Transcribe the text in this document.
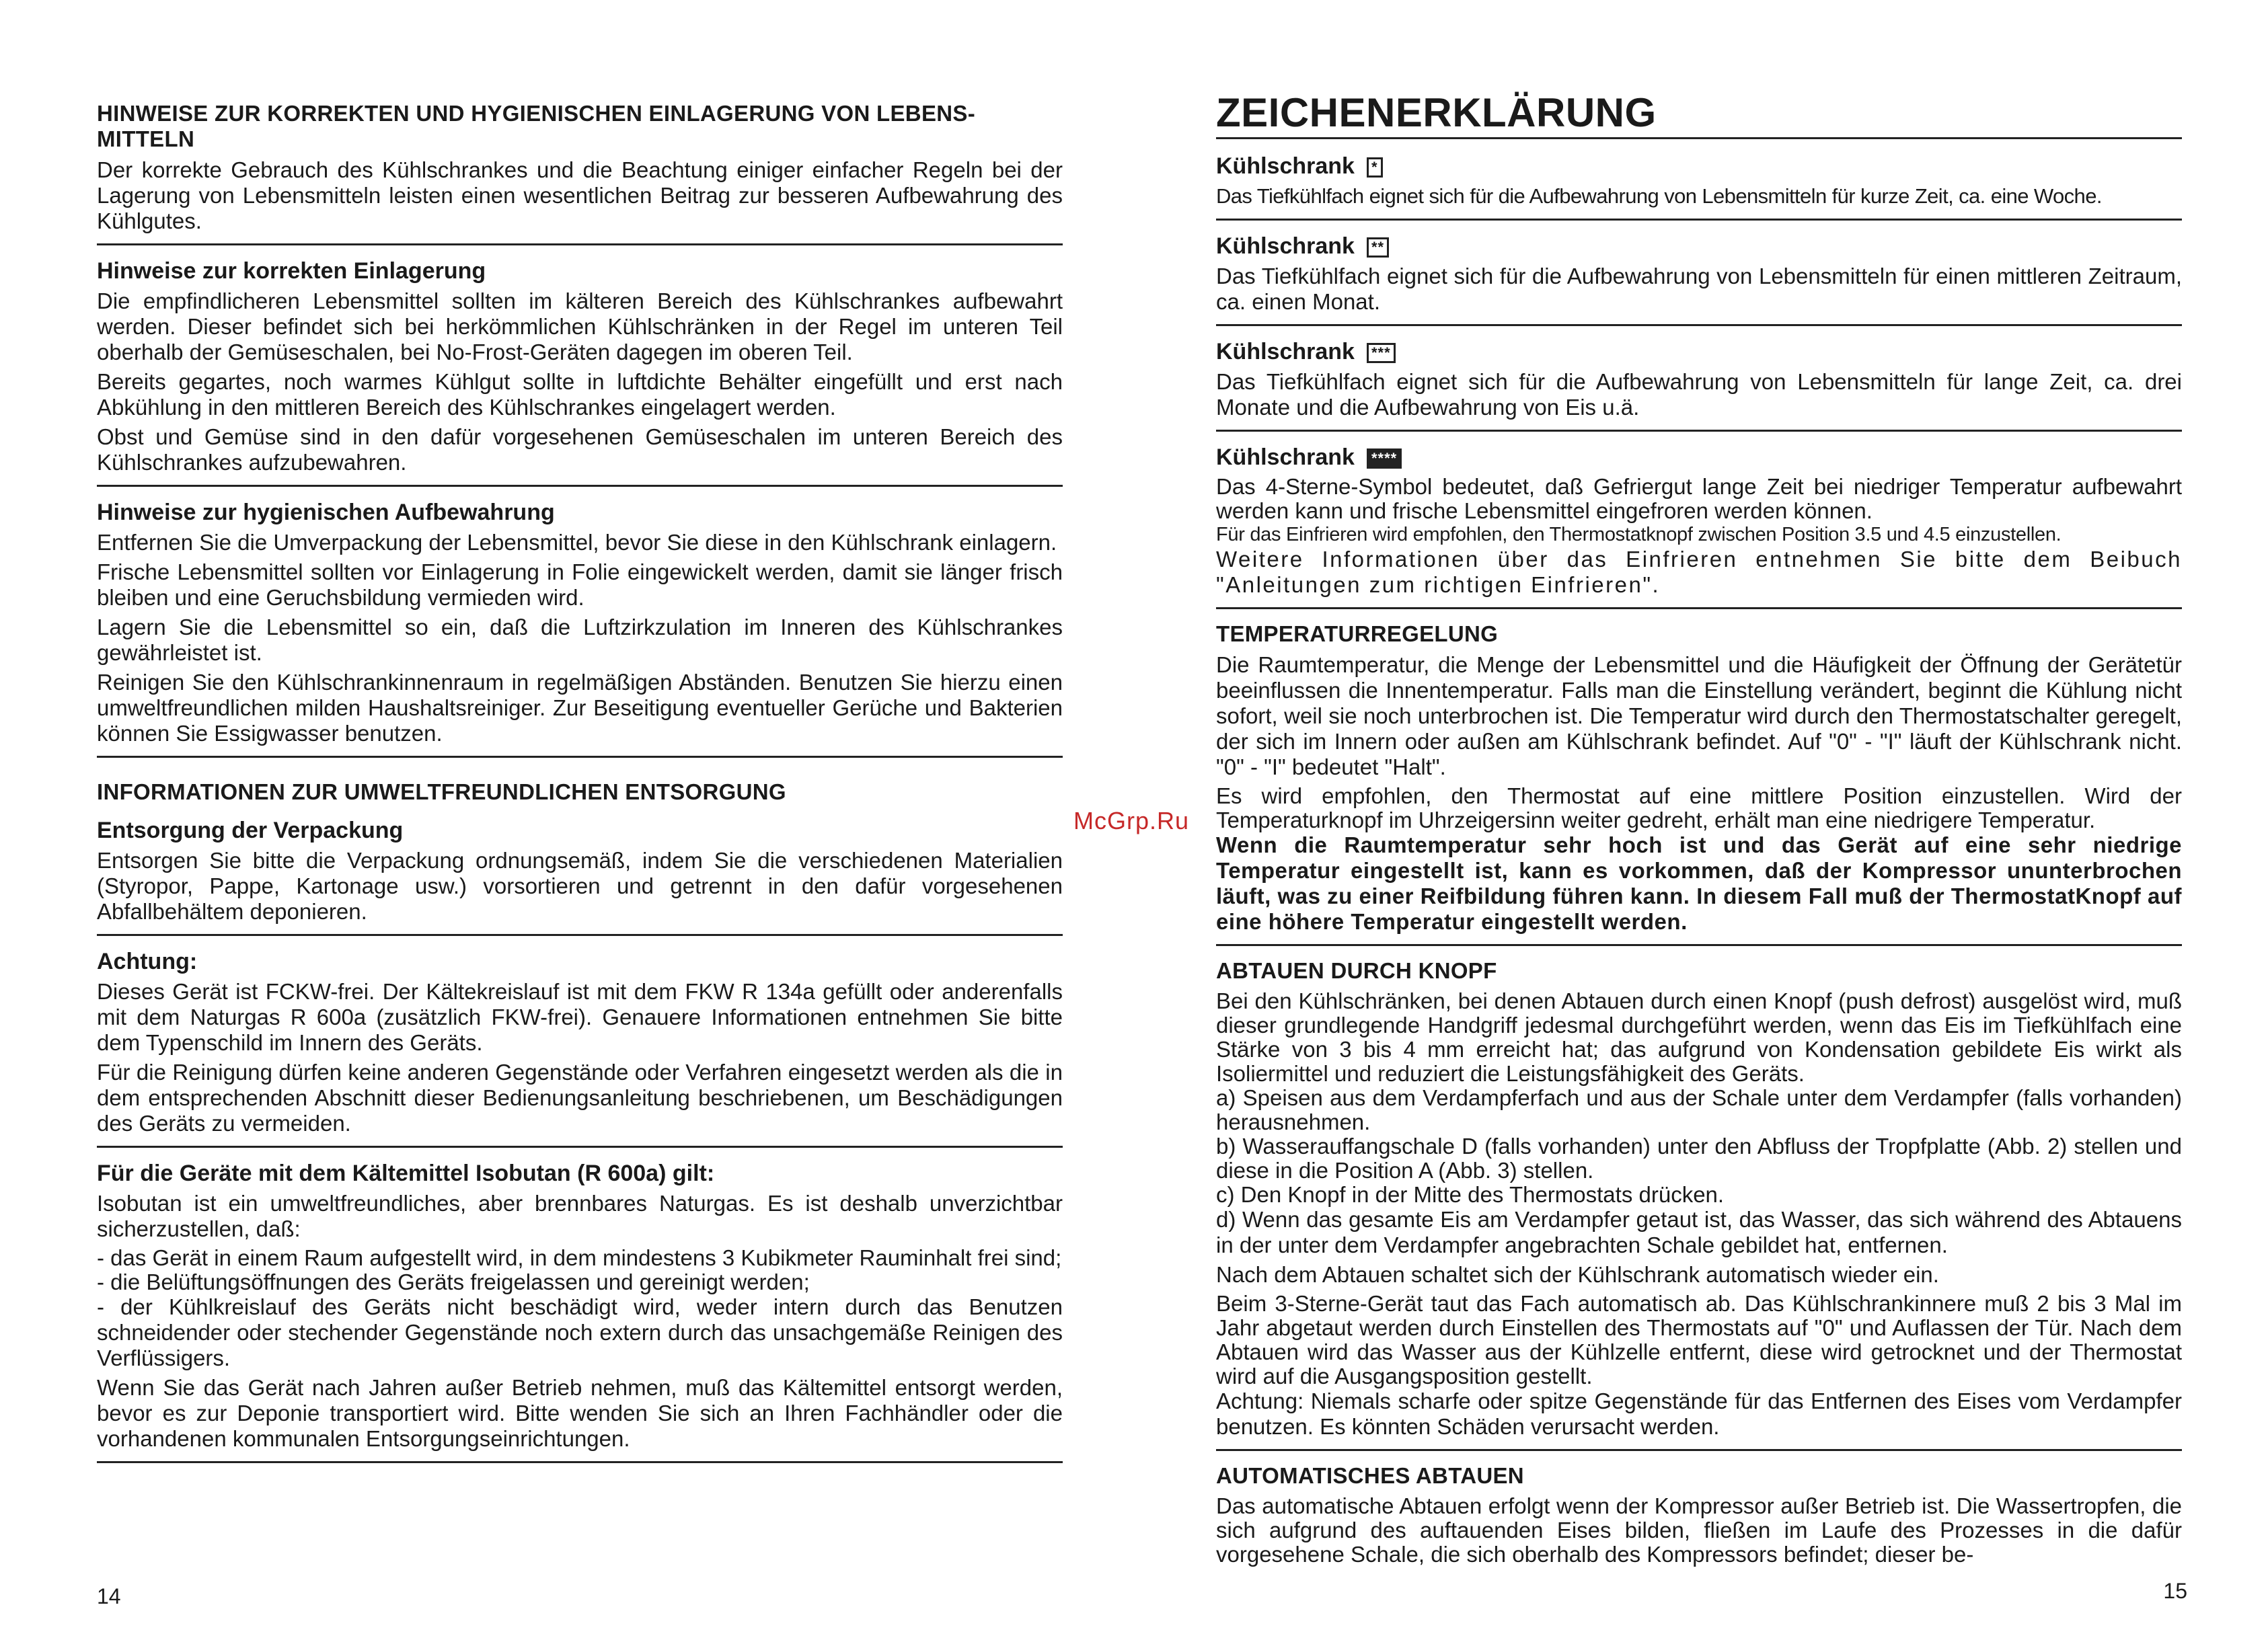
HINWEISE ZUR KORREKTEN UND HYGIENISCHEN EINLAGERUNG VON LEBENS-MITTELN

Der korrekte Gebrauch des Kühlschrankes und die Beachtung einiger einfacher Regeln bei der Lagerung von Lebensmitteln leisten einen wesentlichen Beitrag zur besseren Aufbewahrung des Kühlgutes.

Hinweise zur korrekten Einlagerung

Die empfindlicheren Lebensmittel sollten im kälteren Bereich des Kühlschrankes aufbewahrt werden. Dieser befindet sich bei herkömmlichen Kühlschränken in der Regel im unteren Teil oberhalb der Gemüseschalen, bei No-Frost-Geräten dagegen im oberen Teil.

Bereits gegartes, noch warmes Kühlgut sollte in luftdichte Behälter eingefüllt und erst nach Abkühlung in den mittleren Bereich des Kühlschrankes eingelagert werden.

Obst und Gemüse sind in den dafür vorgesehenen Gemüseschalen im unteren Bereich des Kühlschrankes aufzubewahren.

Hinweise zur hygienischen Aufbewahrung

Entfernen Sie die Umverpackung der Lebensmittel, bevor Sie diese in den Kühlschrank einlagern.

Frische Lebensmittel sollten vor Einlagerung in Folie eingewickelt werden, damit sie länger frisch bleiben und eine Geruchsbildung vermieden wird.

Lagern Sie die Lebensmittel so ein, daß die Luftzirkzulation im Inneren des Kühlschrankes gewährleistet ist.

Reinigen Sie den Kühlschrankinnenraum in regelmäßigen Abständen. Benutzen Sie hierzu einen umweltfreundlichen milden Haushaltsreiniger. Zur Beseitigung eventueller Gerüche und Bakterien können Sie Essigwasser benutzen.

INFORMATIONEN ZUR UMWELTFREUNDLICHEN ENTSORGUNG
Entsorgung der Verpackung

Entsorgen Sie bitte die Verpackung ordnungsemäß, indem Sie die verschiedenen Materialien (Styropor, Pappe, Kartonage usw.) vorsortieren und getrennt in den dafür vorgesehenen Abfallbehältem deponieren.

Achtung:

Dieses Gerät ist FCKW-frei. Der Kältekreislauf ist mit dem FKW R 134a gefüllt oder anderenfalls mit dem Naturgas R 600a (zusätzlich FKW-frei). Genauere Informationen entnehmen Sie bitte dem Typenschild im Innern des Geräts.

Für die Reinigung dürfen keine anderen Gegenstände oder Verfahren eingesetzt werden als die in dem entsprechenden Abschnitt dieser Bedienungsanleitung beschriebenen, um Beschädigungen des Geräts zu vermeiden.

Für die Geräte mit dem Kältemittel Isobutan (R 600a) gilt:

Isobutan ist ein umweltfreundliches, aber brennbares Naturgas. Es ist deshalb unverzichtbar sicherzustellen, daß:

- das Gerät in einem Raum aufgestellt wird, in dem mindestens 3 Kubikmeter Rauminhalt frei sind;

- die Belüftungsöffnungen des Geräts freigelassen und gereinigt werden;

- der Kühlkreislauf des Geräts nicht beschädigt wird, weder intern durch das Benutzen schneidender oder stechender Gegenstände noch extern durch das unsachgemäße Reinigen des Verflüssigers.

Wenn Sie das Gerät nach Jahren außer Betrieb nehmen, muß das Kältemittel entsorgt werden, bevor es zur Deponie transportiert wird. Bitte wenden Sie sich an Ihren Fachhändler oder die vorhandenen kommunalen Entsorgungseinrichtungen.

14
McGrp.Ru
ZEICHENERKLÄRUNG
Kühlschrank *

Das Tiefkühlfach eignet sich für die Aufbewahrung von Lebensmitteln für kurze Zeit, ca. eine Woche.

Kühlschrank **

Das Tiefkühlfach eignet sich für die Aufbewahrung von Lebensmitteln für einen mittleren Zeitraum, ca. einen Monat.

Kühlschrank ***

Das Tiefkühlfach eignet sich für die Aufbewahrung von Lebensmitteln für lange Zeit, ca. drei Monate und die Aufbewahrung von Eis u.ä.

Kühlschrank ****

Das 4-Sterne-Symbol bedeutet, daß Gefriergut lange Zeit bei niedriger Temperatur aufbewahrt werden kann und frische Lebensmittel eingefroren werden können.

Für das Einfrieren wird empfohlen, den Thermostatknopf zwischen Position 3.5 und 4.5 einzustellen.

Weitere Informationen über das Einfrieren entnehmen Sie bitte dem Beibuch "Anleitungen zum richtigen Einfrieren".

TEMPERATURREGELUNG

Die Raumtemperatur, die Menge der Lebensmittel und die Häufigkeit der Öffnung der Gerätetür beeinflussen die Innentemperatur. Falls man die Einstellung verändert, beginnt die Kühlung nicht sofort, weil sie noch unterbrochen ist. Die Temperatur wird durch den Thermostatschalter geregelt, der sich im Innern oder außen am Kühlschrank befindet. Auf "0" - "I" läuft der Kühlschrank nicht. "0" - "I" bedeutet "Halt".

Es wird empfohlen, den Thermostat auf eine mittlere Position einzustellen. Wird der Temperaturknopf im Uhrzeigersinn weiter gedreht, erhält man eine niedrigere Temperatur.

Wenn die Raumtemperatur sehr hoch ist und das Gerät auf eine sehr niedrige Temperatur eingestellt ist, kann es vorkommen, daß der Kompressor ununterbrochen läuft, was zu einer Reifbildung führen kann. In diesem Fall muß der ThermostatKnopf auf eine höhere Temperatur eingestellt werden.

ABTAUEN DURCH KNOPF

Bei den Kühlschränken, bei denen Abtauen durch einen Knopf (push defrost) ausgelöst wird, muß dieser grundlegende Handgriff jedesmal durchgeführt werden, wenn das Eis im Tiefkühlfach eine Stärke von 3 bis 4 mm erreicht hat; das aufgrund von Kondensation gebildete Eis wirkt als Isoliermittel und reduziert die Leistungsfähigkeit des Geräts.

a) Speisen aus dem Verdampferfach und aus der Schale unter dem Verdampfer (falls vorhanden) herausnehmen.

b) Wasserauffangschale D (falls vorhanden) unter den Abfluss der Tropfplatte (Abb. 2) stellen und diese in die Position A (Abb. 3) stellen.

c) Den Knopf in der Mitte des Thermostats drücken.

d) Wenn das gesamte Eis am Verdampfer getaut ist, das Wasser, das sich während des Abtauens in der unter dem Verdampfer angebrachten Schale gebildet hat, entfernen.

Nach dem Abtauen schaltet sich der Kühlschrank automatisch wieder ein.

Beim 3-Sterne-Gerät taut das Fach automatisch ab. Das Kühlschrankinnere muß 2 bis 3 Mal im Jahr abgetaut werden durch Einstellen des Thermostats auf "0" und Auflassen der Tür. Nach dem Abtauen wird das Wasser aus der Kühlzelle entfernt, diese wird getrocknet und der Thermostat wird auf die Ausgangsposition gestellt.

Achtung: Niemals scharfe oder spitze Gegenstände für das Entfernen des Eises vom Verdampfer benutzen. Es könnten Schäden verursacht werden.

AUTOMATISCHES ABTAUEN

Das automatische Abtauen erfolgt wenn der Kompressor außer Betrieb ist. Die Wassertropfen, die sich aufgrund des auftauenden Eises bilden, fließen im Laufe des Prozesses in die dafür vorgesehene Schale, die sich oberhalb des Kompressors befindet; dieser be-

15
